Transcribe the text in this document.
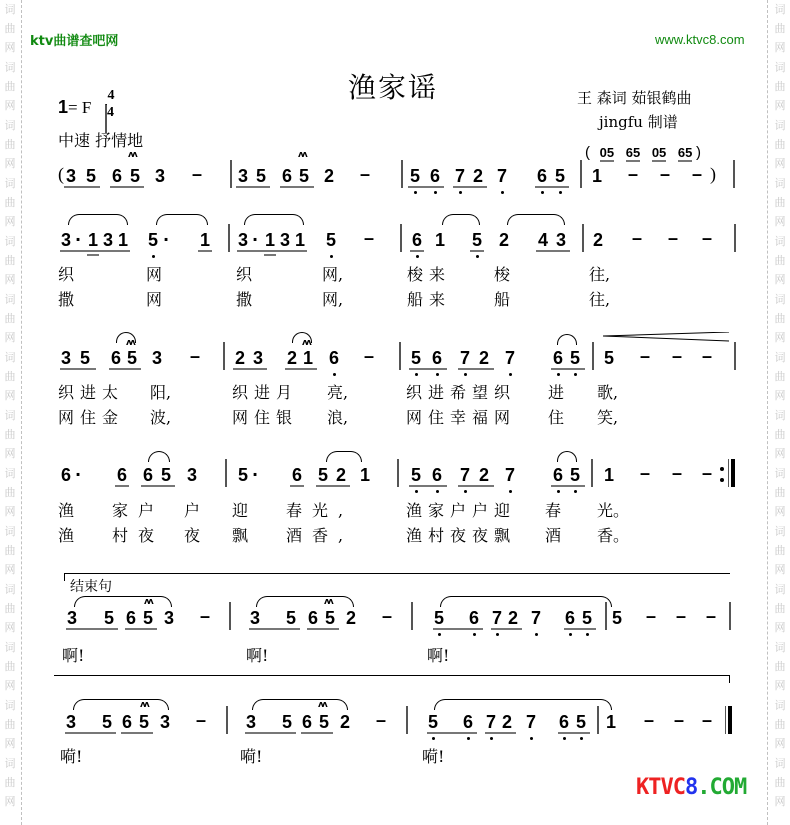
词
曲
网
词
曲
网
词
曲
网
词
曲
网
词
曲
网
词
曲
网
词
曲
网
词
曲
网
词
曲
网
词
曲
网
词
曲
网
词
曲
网
词
曲
网
词
曲
网
词
曲
网
词
曲
网
词
曲
网
词
曲
网
词
曲
网
词
曲
网
词
曲
网
词
曲
网
词
曲
网
词
曲
网
词
曲
网
词
曲
网
词
曲
网
词
曲
网
ktv曲谱查吧网	www.ktvc8.com
渔家谣	王 森词 茹银鹤曲
jingfu 制谱
1= F
4
4
中速 抒情地
( 05 65 05 65 )
( 3 5
ʌʌ
6 5 3 – 3 5
ʌʌ
6 5 2 – 5 6 7 2 7 6 5 1 – – – )
3 · 1 3 1 5 · 1 3 · 1 3 1 5 – 6 1 5 2 4 3 2 – – –
织	网	织	网,	梭来	梭	往,
撒	网	撒	网,	船来	船	往,
3 5
ʌʌ
6 5 3 – 2 3
ʌʌ
2 1 6 – 5 6 7 2 7 6 5 5 – – –
织进太 阳,	织进月 亮,	织进希望织 进 歌,
网住金 波,	网住银 浪,	网住幸福网 住 笑,
6 · 6 6 5 3 5 · 6 5 2 1 5 6 7 2 7 6 5 1 – – –
渔 家户 户 迎 春光,	渔家户户迎 春 光。
渔 村夜 夜 飘 酒香,	渔村夜夜飘 酒 香。
结束句
ʌʌ
3 5 6 5 3 –
ʌʌ
3 5 6 5 2 – 5 6 7 2 7 6 5 5 – – –
啊!	啊!	啊!
ʌʌ
3 5 6 5 3 –
ʌʌ
3 5 6 5 2 – 5 6 7 2 7 6 5 1 – – –
嗬!	嗬!	嗬!
KTVC8.COM
